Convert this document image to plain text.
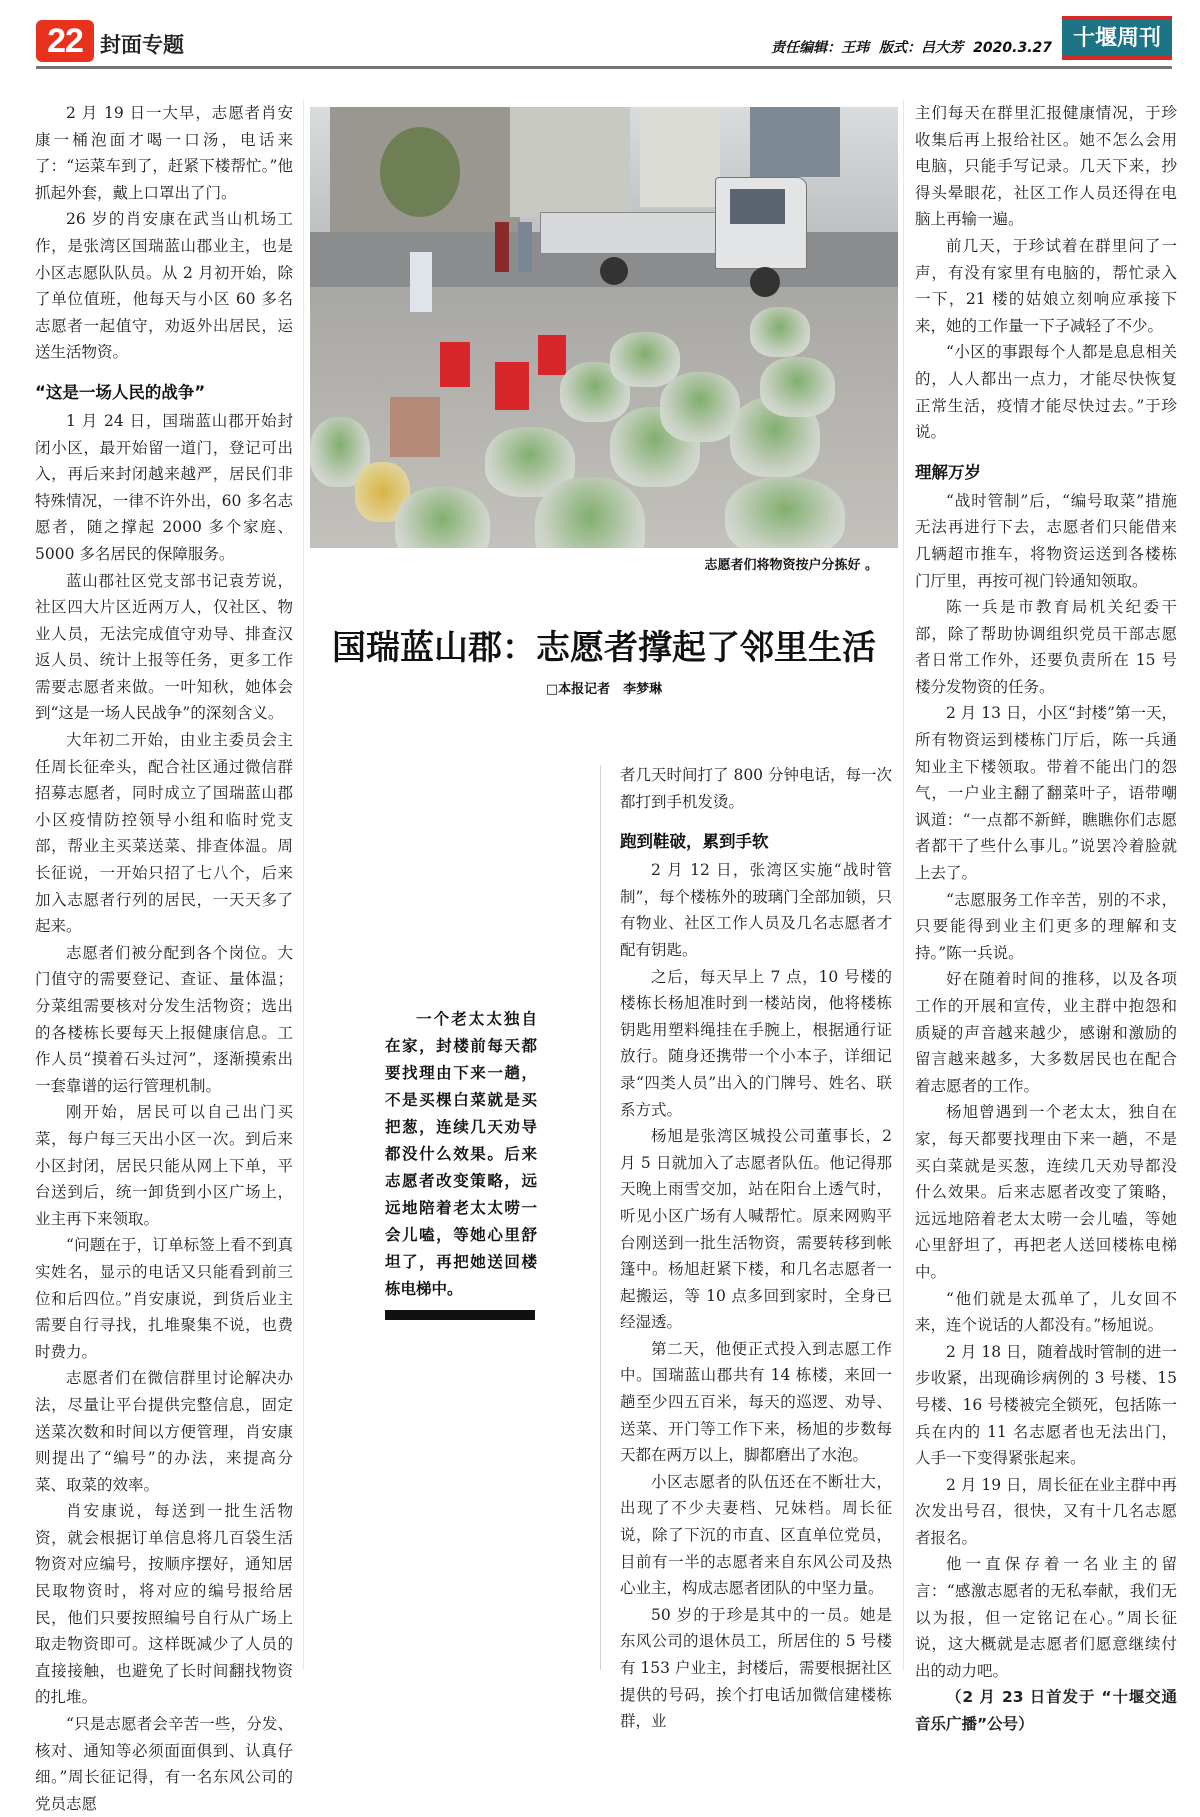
22 封面专题	责任编辑：王玮 版式：吕大芳 2020.3.27 十堰周刊
志愿者们将物资按户分拣好 。
国瑞蓝山郡：志愿者撑起了邻里生活
□本报记者　李梦琳
一个老太太独自在家，封楼前每天都要找理由下来一趟，不是买棵白菜就是买把葱，连续几天劝导都没什么效果。后来志愿者改变策略，远远地陪着老太太唠一会儿嗑，等她心里舒坦了，再把她送回楼栋电梯中。

2 月 19 日一大早，志愿者肖安康一桶泡面才喝一口汤，电话来了：“运菜车到了，赶紧下楼帮忙。”他抓起外套，戴上口罩出了门。

26 岁的肖安康在武当山机场工作，是张湾区国瑞蓝山郡业主，也是小区志愿队队员。从 2 月初开始，除了单位值班，他每天与小区 60 多名志愿者一起值守，劝返外出居民，运送生活物资。

“这是一场人民的战争”

1 月 24 日，国瑞蓝山郡开始封闭小区，最开始留一道门，登记可出入，再后来封闭越来越严，居民们非特殊情况，一律不许外出，60 多名志愿者，随之撑起 2000 多个家庭、5000 多名居民的保障服务。

蓝山郡社区党支部书记袁芳说，社区四大片区近两万人，仅社区、物业人员，无法完成值守劝导、排查汉返人员、统计上报等任务，更多工作需要志愿者来做。一叶知秋，她体会到“这是一场人民战争”的深刻含义。

大年初二开始，由业主委员会主任周长征牵头，配合社区通过微信群招募志愿者，同时成立了国瑞蓝山郡小区疫情防控领导小组和临时党支部，帮业主买菜送菜、排查体温。周长征说，一开始只招了七八个，后来加入志愿者行列的居民，一天天多了起来。

志愿者们被分配到各个岗位。大门值守的需要登记、查证、量体温；分菜组需要核对分发生活物资；选出的各楼栋长要每天上报健康信息。工作人员“摸着石头过河”，逐渐摸索出一套靠谱的运行管理机制。

刚开始，居民可以自己出门买菜，每户每三天出小区一次。到后来小区封闭，居民只能从网上下单，平台送到后，统一卸货到小区广场上，业主再下来领取。

“问题在于，订单标签上看不到真实姓名，显示的电话又只能看到前三位和后四位。”肖安康说，到货后业主需要自行寻找，扎堆聚集不说，也费时费力。

志愿者们在微信群里讨论解决办法，尽量让平台提供完整信息，固定送菜次数和时间以方便管理，肖安康则提出了“编号”的办法，来提高分菜、取菜的效率。

肖安康说，每送到一批生活物资，就会根据订单信息将几百袋生活物资对应编号，按顺序摆好，通知居民取物资时，将对应的编号报给居民，他们只要按照编号自行从广场上取走物资即可。这样既减少了人员的直接接触，也避免了长时间翻找物资的扎堆。

“只是志愿者会辛苦一些，分发、核对、通知等必须面面俱到、认真仔细。”周长征记得，有一名东风公司的党员志愿

者几天时间打了 800 分钟电话，每一次都打到手机发烫。

跑到鞋破，累到手软

2 月 12 日，张湾区实施“战时管制”，每个楼栋外的玻璃门全部加锁，只有物业、社区工作人员及几名志愿者才配有钥匙。

之后，每天早上 7 点，10 号楼的楼栋长杨旭准时到一楼站岗，他将楼栋钥匙用塑料绳挂在手腕上，根据通行证放行。随身还携带一个小本子，详细记录“四类人员”出入的门牌号、姓名、联系方式。

杨旭是张湾区城投公司董事长，2 月 5 日就加入了志愿者队伍。他记得那天晚上雨雪交加，站在阳台上透气时，听见小区广场有人喊帮忙。原来网购平台刚送到一批生活物资，需要转移到帐篷中。杨旭赶紧下楼，和几名志愿者一起搬运，等 10 点多回到家时，全身已经湿透。

第二天，他便正式投入到志愿工作中。国瑞蓝山郡共有 14 栋楼，来回一趟至少四五百米，每天的巡逻、劝导、送菜、开门等工作下来，杨旭的步数每天都在两万以上，脚都磨出了水泡。

小区志愿者的队伍还在不断壮大，出现了不少夫妻档、兄妹档。周长征说，除了下沉的市直、区直单位党员，目前有一半的志愿者来自东风公司及热心业主，构成志愿者团队的中坚力量。

50 岁的于珍是其中的一员。她是东风公司的退休员工，所居住的 5 号楼有 153 户业主，封楼后，需要根据社区提供的号码，挨个打电话加微信建楼栋群，业

主们每天在群里汇报健康情况，于珍收集后再上报给社区。她不怎么会用电脑，只能手写记录。几天下来，抄得头晕眼花，社区工作人员还得在电脑上再输一遍。

前几天，于珍试着在群里问了一声，有没有家里有电脑的，帮忙录入一下，21 楼的姑娘立刻响应承接下来，她的工作量一下子减轻了不少。

“小区的事跟每个人都是息息相关的，人人都出一点力，才能尽快恢复正常生活，疫情才能尽快过去。”于珍说。

理解万岁

“战时管制”后，“编号取菜”措施无法再进行下去，志愿者们只能借来几辆超市推车，将物资运送到各楼栋门厅里，再按可视门铃通知领取。

陈一兵是市教育局机关纪委干部，除了帮助协调组织党员干部志愿者日常工作外，还要负责所在 15 号楼分发物资的任务。

2 月 13 日，小区“封楼”第一天，所有物资运到楼栋门厅后，陈一兵通知业主下楼领取。带着不能出门的怨气，一户业主翻了翻菜叶子，语带嘲讽道：“一点都不新鲜，瞧瞧你们志愿者都干了些什么事儿。”说罢冷着脸就上去了。

“志愿服务工作辛苦，别的不求，只要能得到业主们更多的理解和支持。”陈一兵说。

好在随着时间的推移，以及各项工作的开展和宣传，业主群中抱怨和质疑的声音越来越少，感谢和激励的留言越来越多，大多数居民也在配合着志愿者的工作。

杨旭曾遇到一个老太太，独自在家，每天都要找理由下来一趟，不是买白菜就是买葱，连续几天劝导都没什么效果。后来志愿者改变了策略，远远地陪着老太太唠一会儿嗑，等她心里舒坦了，再把老人送回楼栋电梯中。

“他们就是太孤单了，儿女回不来，连个说话的人都没有。”杨旭说。

2 月 18 日，随着战时管制的进一步收紧，出现确诊病例的 3 号楼、15 号楼、16 号楼被完全锁死，包括陈一兵在内的 11 名志愿者也无法出门，人手一下变得紧张起来。

2 月 19 日，周长征在业主群中再次发出号召，很快，又有十几名志愿者报名。

他一直保存着一名业主的留言：“感激志愿者的无私奉献，我们无以为报，但一定铭记在心。”周长征说，这大概就是志愿者们愿意继续付出的动力吧。

（2 月 23 日首发于 “十堰交通音乐广播”公号）
